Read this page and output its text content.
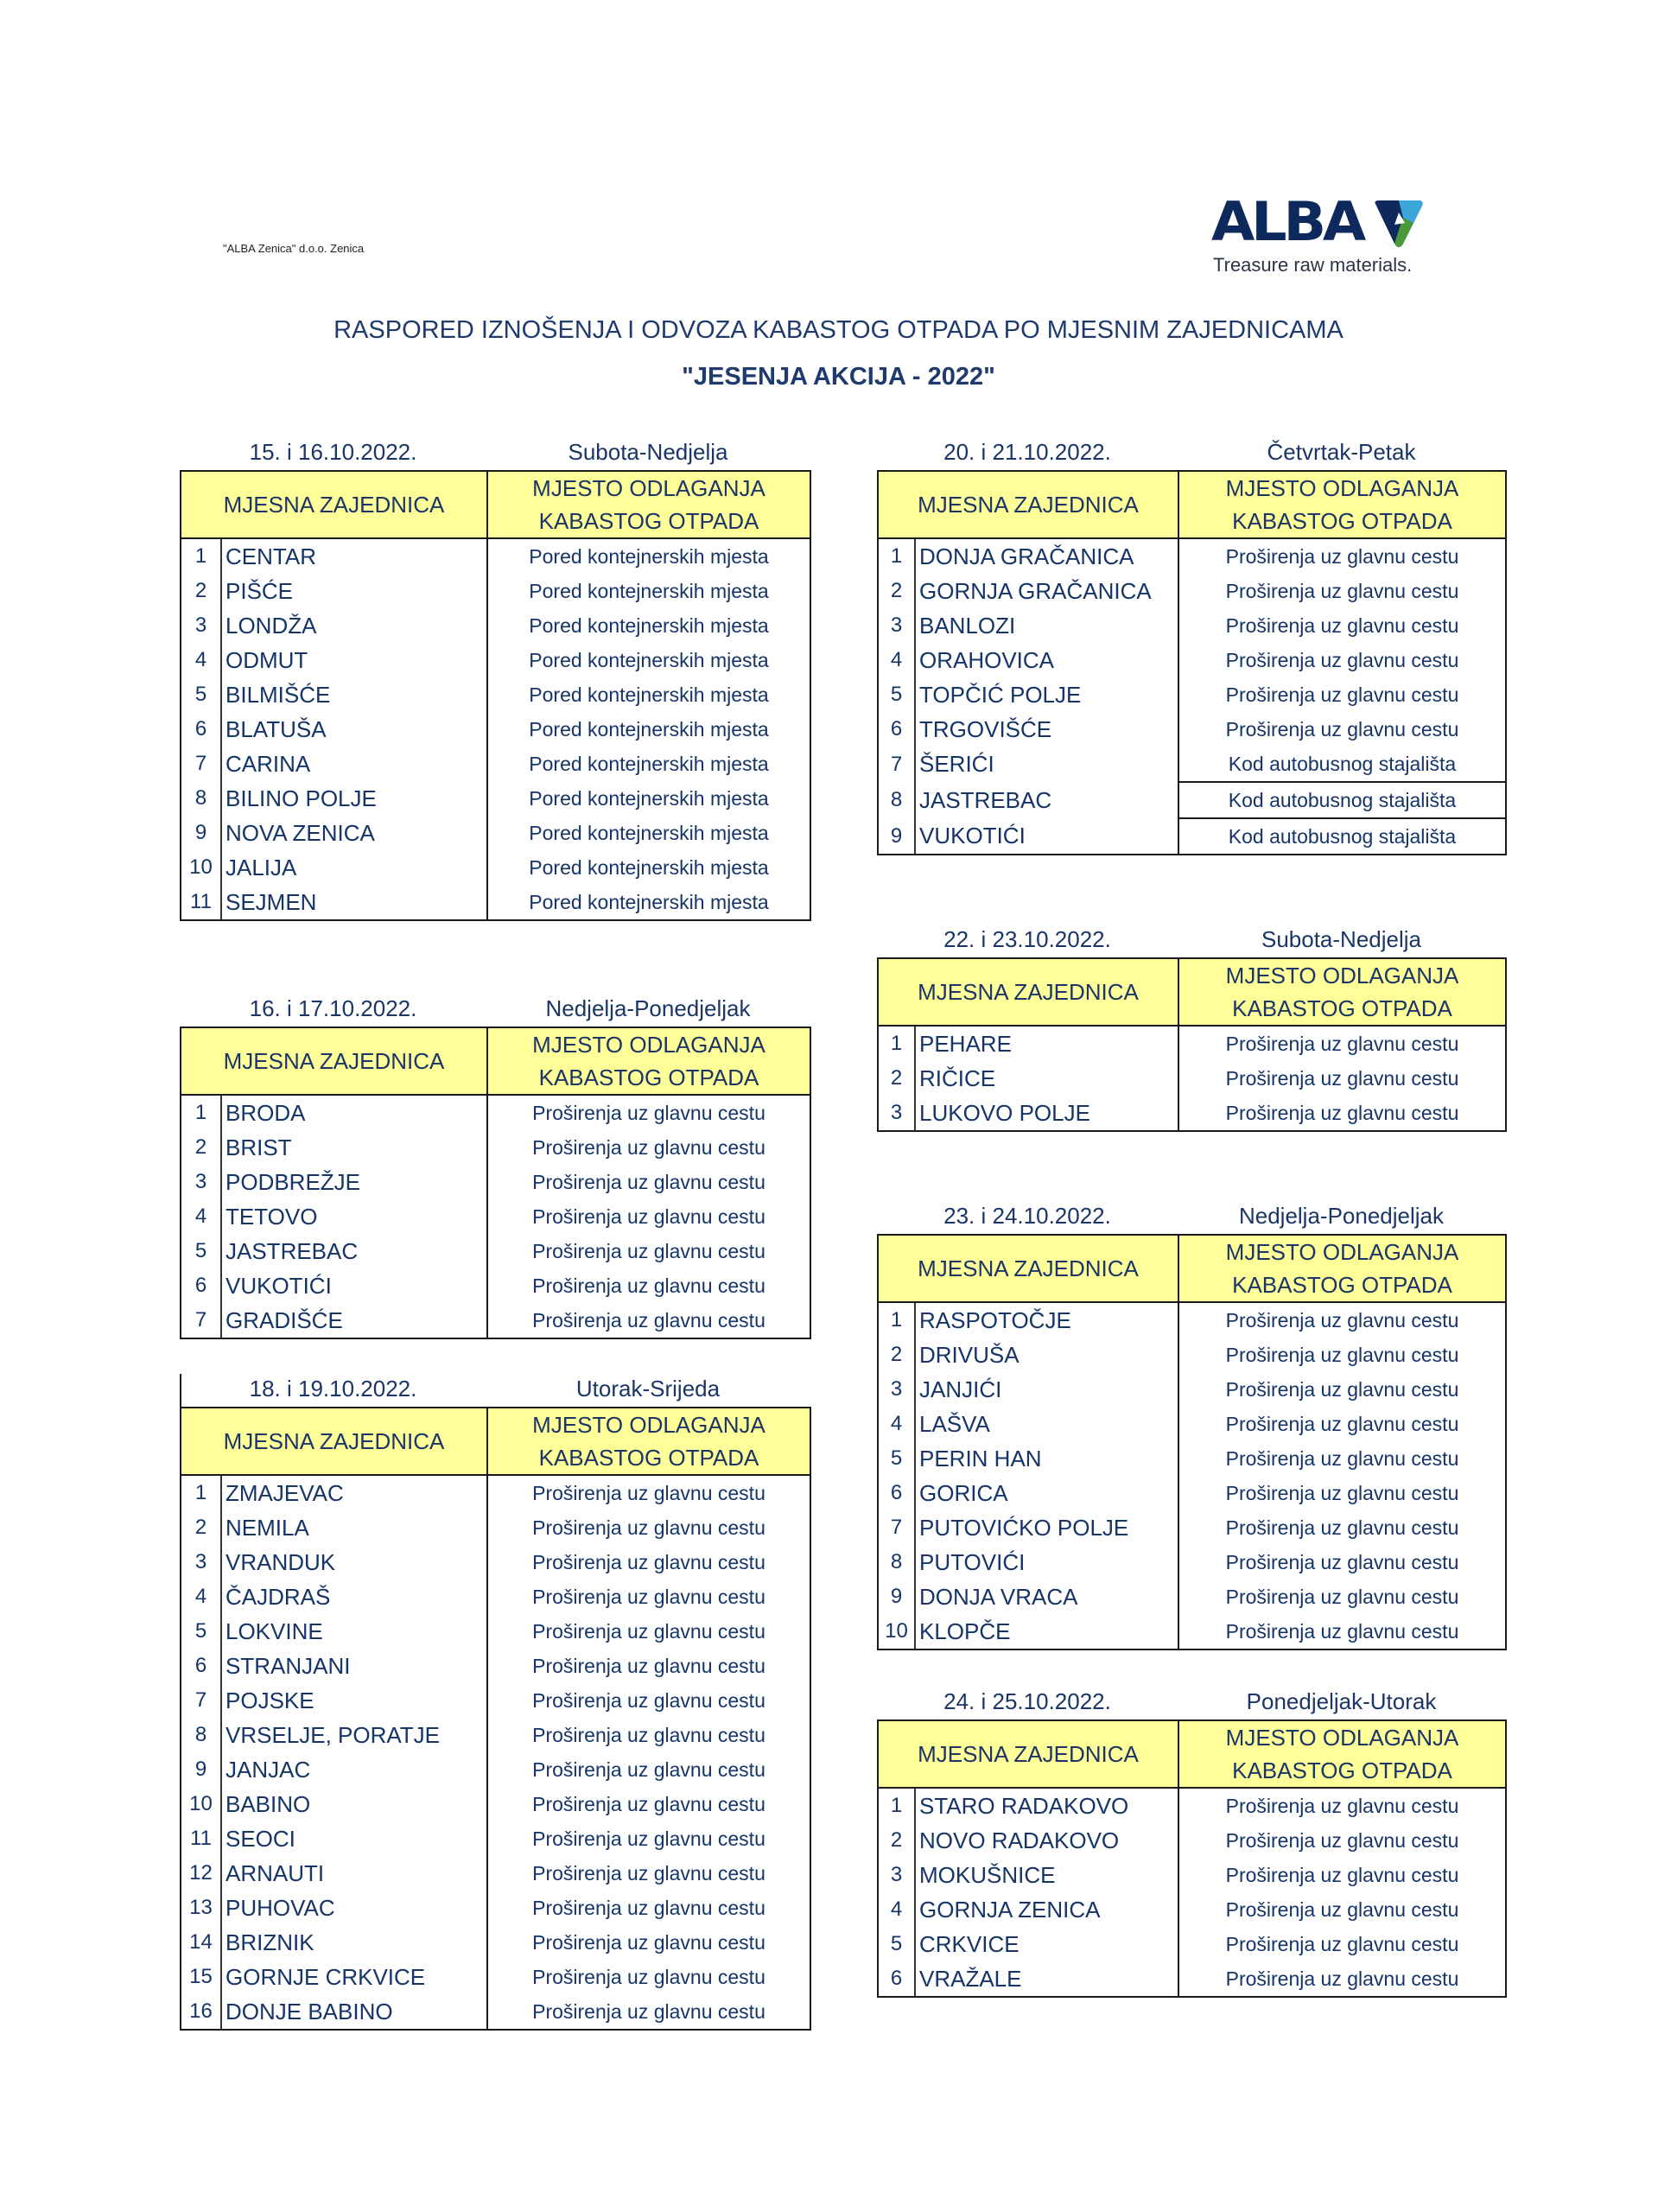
"ALBA Zenica" d.o.o. Zenica	ALBA
Treasure raw materials.
RASPORED IZNOŠENJA I ODVOZA KABASTOG OTPADA PO MJESNIM ZAJEDNICAMA
"JESENJA AKCIJA - 2022"
15. i 16.10.2022.	Subota-Nedjelja
MJESNA ZAJEDNICA		MJESTO ODLAGANJA
KABASTOG OTPADA
1	CENTAR	Pored kontejnerskih mjesta
2	PIŠĆE	Pored kontejnerskih mjesta
3	LONDŽA	Pored kontejnerskih mjesta
4	ODMUT	Pored kontejnerskih mjesta
5	BILMIŠĆE	Pored kontejnerskih mjesta
6	BLATUŠA	Pored kontejnerskih mjesta
7	CARINA	Pored kontejnerskih mjesta
8	BILINO POLJE	Pored kontejnerskih mjesta
9	NOVA ZENICA	Pored kontejnerskih mjesta
10	JALIJA	Pored kontejnerskih mjesta
11	SEJMEN	Pored kontejnerskih mjesta
16. i 17.10.2022.	Nedjelja-Ponedjeljak
MJESNA ZAJEDNICA		MJESTO ODLAGANJA
KABASTOG OTPADA
1	BRODA	Proširenja uz glavnu cestu
2	BRIST	Proširenja uz glavnu cestu
3	PODBREŽJE	Proširenja uz glavnu cestu
4	TETOVO	Proširenja uz glavnu cestu
5	JASTREBAC	Proširenja uz glavnu cestu
6	VUKOTIĆI	Proširenja uz glavnu cestu
7	GRADIŠĆE	Proširenja uz glavnu cestu
18. i 19.10.2022.	Utorak-Srijeda
MJESNA ZAJEDNICA		MJESTO ODLAGANJA
KABASTOG OTPADA
1	ZMAJEVAC	Proširenja uz glavnu cestu
2	NEMILA	Proširenja uz glavnu cestu
3	VRANDUK	Proširenja uz glavnu cestu
4	ČAJDRAŠ	Proširenja uz glavnu cestu
5	LOKVINE	Proširenja uz glavnu cestu
6	STRANJANI	Proširenja uz glavnu cestu
7	POJSKE	Proširenja uz glavnu cestu
8	VRSELJE, PORATJE	Proširenja uz glavnu cestu
9	JANJAC	Proširenja uz glavnu cestu
10	BABINO	Proširenja uz glavnu cestu
11	SEOCI	Proširenja uz glavnu cestu
12	ARNAUTI	Proširenja uz glavnu cestu
13	PUHOVAC	Proširenja uz glavnu cestu
14	BRIZNIK	Proširenja uz glavnu cestu
15	GORNJE CRKVICE	Proširenja uz glavnu cestu
16	DONJE BABINO	Proširenja uz glavnu cestu
20. i 21.10.2022.	Četvrtak-Petak
MJESNA ZAJEDNICA		MJESTO ODLAGANJA
KABASTOG OTPADA
1	DONJA GRAČANICA	Proširenja uz glavnu cestu
2	GORNJA GRAČANICA	Proširenja uz glavnu cestu
3	BANLOZI	Proširenja uz glavnu cestu
4	ORAHOVICA	Proširenja uz glavnu cestu
5	TOPČIĆ POLJE	Proširenja uz glavnu cestu
6	TRGOVIŠĆE	Proširenja uz glavnu cestu
7	ŠERIĆI	Kod autobusnog stajališta
8	JASTREBAC	Kod autobusnog stajališta
9	VUKOTIĆI	Kod autobusnog stajališta
22. i 23.10.2022.	Subota-Nedjelja
MJESNA ZAJEDNICA		MJESTO ODLAGANJA
KABASTOG OTPADA
1	PEHARE	Proširenja uz glavnu cestu
2	RIČICE	Proširenja uz glavnu cestu
3	LUKOVO POLJE	Proširenja uz glavnu cestu
23. i 24.10.2022.	Nedjelja-Ponedjeljak
MJESNA ZAJEDNICA		MJESTO ODLAGANJA
KABASTOG OTPADA
1	RASPOTOČJE	Proširenja uz glavnu cestu
2	DRIVUŠA	Proširenja uz glavnu cestu
3	JANJIĆI	Proširenja uz glavnu cestu
4	LAŠVA	Proširenja uz glavnu cestu
5	PERIN HAN	Proširenja uz glavnu cestu
6	GORICA	Proširenja uz glavnu cestu
7	PUTOVIĆKO POLJE	Proširenja uz glavnu cestu
8	PUTOVIĆI	Proširenja uz glavnu cestu
9	DONJA VRACA	Proširenja uz glavnu cestu
10	KLOPČE	Proširenja uz glavnu cestu
24. i 25.10.2022.	Ponedjeljak-Utorak
MJESNA ZAJEDNICA		MJESTO ODLAGANJA
KABASTOG OTPADA
1	STARO RADAKOVO	Proširenja uz glavnu cestu
2	NOVO RADAKOVO	Proširenja uz glavnu cestu
3	MOKUŠNICE	Proširenja uz glavnu cestu
4	GORNJA ZENICA	Proširenja uz glavnu cestu
5	CRKVICE	Proširenja uz glavnu cestu
6	VRAŽALE	Proširenja uz glavnu cestu
